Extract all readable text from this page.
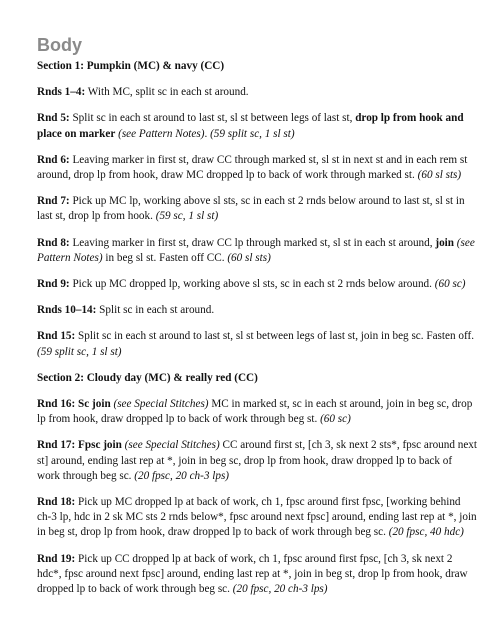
Body
Section 1: Pumpkin (MC) & navy (CC)

Rnds 1–4: With MC, split sc in each st around.

Rnd 5: Split sc in each st around to last st, sl st between legs of last st, drop lp from hook and place on marker (see Pattern Notes). (59 split sc, 1 sl st)

Rnd 6: Leaving marker in first st, draw CC through marked st, sl st in next st and in each rem st around, drop lp from hook, draw MC dropped lp to back of work through marked st. (60 sl sts)

Rnd 7: Pick up MC lp, working above sl sts, sc in each st 2 rnds below around to last st, sl st in last st, drop lp from hook. (59 sc, 1 sl st)

Rnd 8: Leaving marker in first st, draw CC lp through marked st, sl st in each st around, join (see Pattern Notes) in beg sl st. Fasten off CC. (60 sl sts)

Rnd 9: Pick up MC dropped lp, working above sl sts, sc in each st 2 rnds below around. (60 sc)

Rnds 10–14: Split sc in each st around.

Rnd 15: Split sc in each st around to last st, sl st between legs of last st, join in beg sc. Fasten off. (59 split sc, 1 sl st)

Section 2: Cloudy day (MC) & really red (CC)

Rnd 16: Sc join (see Special Stitches) MC in marked st, sc in each st around, join in beg sc, drop lp from hook, draw dropped lp to back of work through beg st. (60 sc)

Rnd 17: Fpsc join (see Special Stitches) CC around first st, [ch 3, sk next 2 sts*, fpsc around next st] around, ending last rep at *, join in beg sc, drop lp from hook, draw dropped lp to back of work through beg sc. (20 fpsc, 20 ch-3 lps)

Rnd 18: Pick up MC dropped lp at back of work, ch 1, fpsc around first fpsc, [working behind ch-3 lp, hdc in 2 sk MC sts 2 rnds below*, fpsc around next fpsc] around, ending last rep at *, join in beg st, drop lp from hook, draw dropped lp to back of work through beg sc. (20 fpsc, 40 hdc)

Rnd 19: Pick up CC dropped lp at back of work, ch 1, fpsc around first fpsc, [ch 3, sk next 2 hdc*, fpsc around next fpsc] around, ending last rep at *, join in beg st, drop lp from hook, draw dropped lp to back of work through beg sc. (20 fpsc, 20 ch-3 lps)
